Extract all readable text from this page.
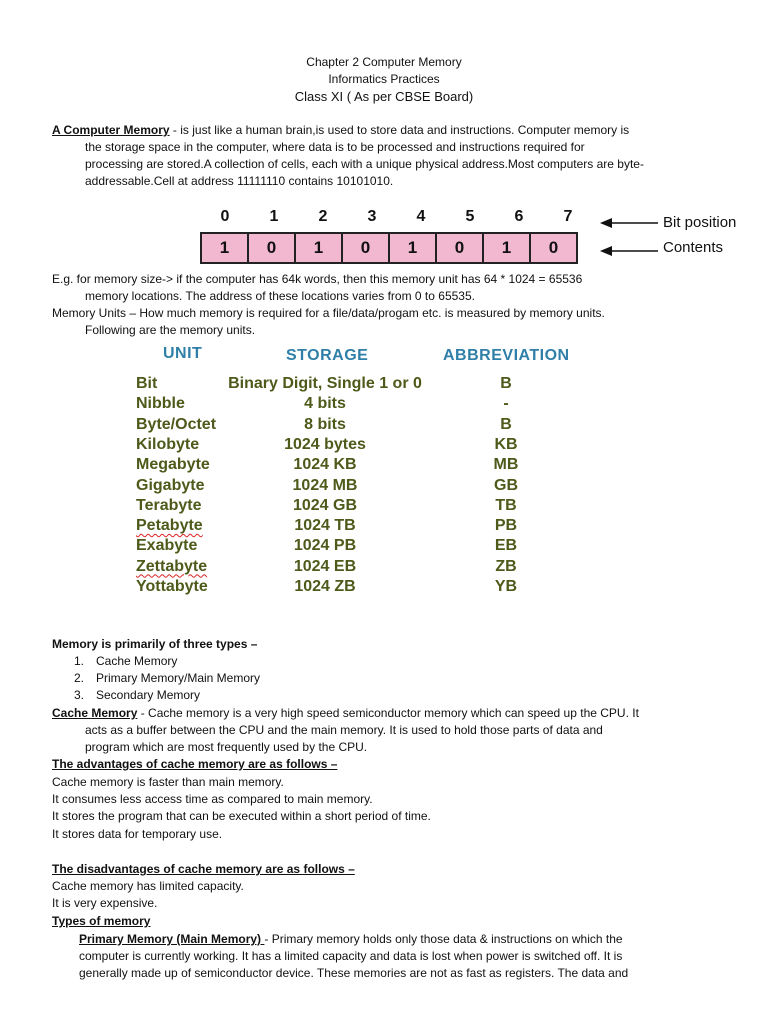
Chapter 2 Computer Memory
Informatics Practices
Class XI ( As per CBSE Board)
A Computer Memory - is just like a human brain,is used to store data and instructions. Computer memory is
the storage space in the computer, where data is to be processed and instructions required for
processing are stored.A collection of cells, each with a unique physical address.Most computers are byte-
addressable.Cell at address 11111110 contains 10101010.
0	1	2	3	4	5	6	7
1	0	1	0	1	0	1	0
Bit position
Contents
E.g. for memory size-> if the computer has 64k words, then this memory unit has 64 * 1024 = 65536
memory locations. The address of these locations varies from 0 to 65535.
Memory Units – How much memory is required for a file/data/progam etc. is measured by memory units.
Following are the memory units.
UNIT	STORAGE	ABBREVIATION
Bit	Binary Digit, Single 1 or 0	B
Nibble	4 bits	-
Byte/Octet	8 bits	B
Kilobyte	1024 bytes	KB
Megabyte	1024 KB	MB
Gigabyte	1024 MB	GB
Terabyte	1024 GB	TB
Petabyte	1024 TB	PB
Exabyte	1024 PB	EB
Zettabyte	1024 EB	ZB
Yottabyte	1024 ZB	YB
Memory is primarily of three types –
1. Cache Memory
2. Primary Memory/Main Memory
3. Secondary Memory
Cache Memory - Cache memory is a very high speed semiconductor memory which can speed up the CPU. It
acts as a buffer between the CPU and the main memory. It is used to hold those parts of data and
program which are most frequently used by the CPU.
The advantages of cache memory are as follows –
Cache memory is faster than main memory.
It consumes less access time as compared to main memory.
It stores the program that can be executed within a short period of time.
It stores data for temporary use.
The disadvantages of cache memory are as follows –
Cache memory has limited capacity.
It is very expensive.
Types of memory
Primary Memory (Main Memory) - Primary memory holds only those data & instructions on which the
computer is currently working. It has a limited capacity and data is lost when power is switched off. It is
generally made up of semiconductor device. These memories are not as fast as registers. The data and
